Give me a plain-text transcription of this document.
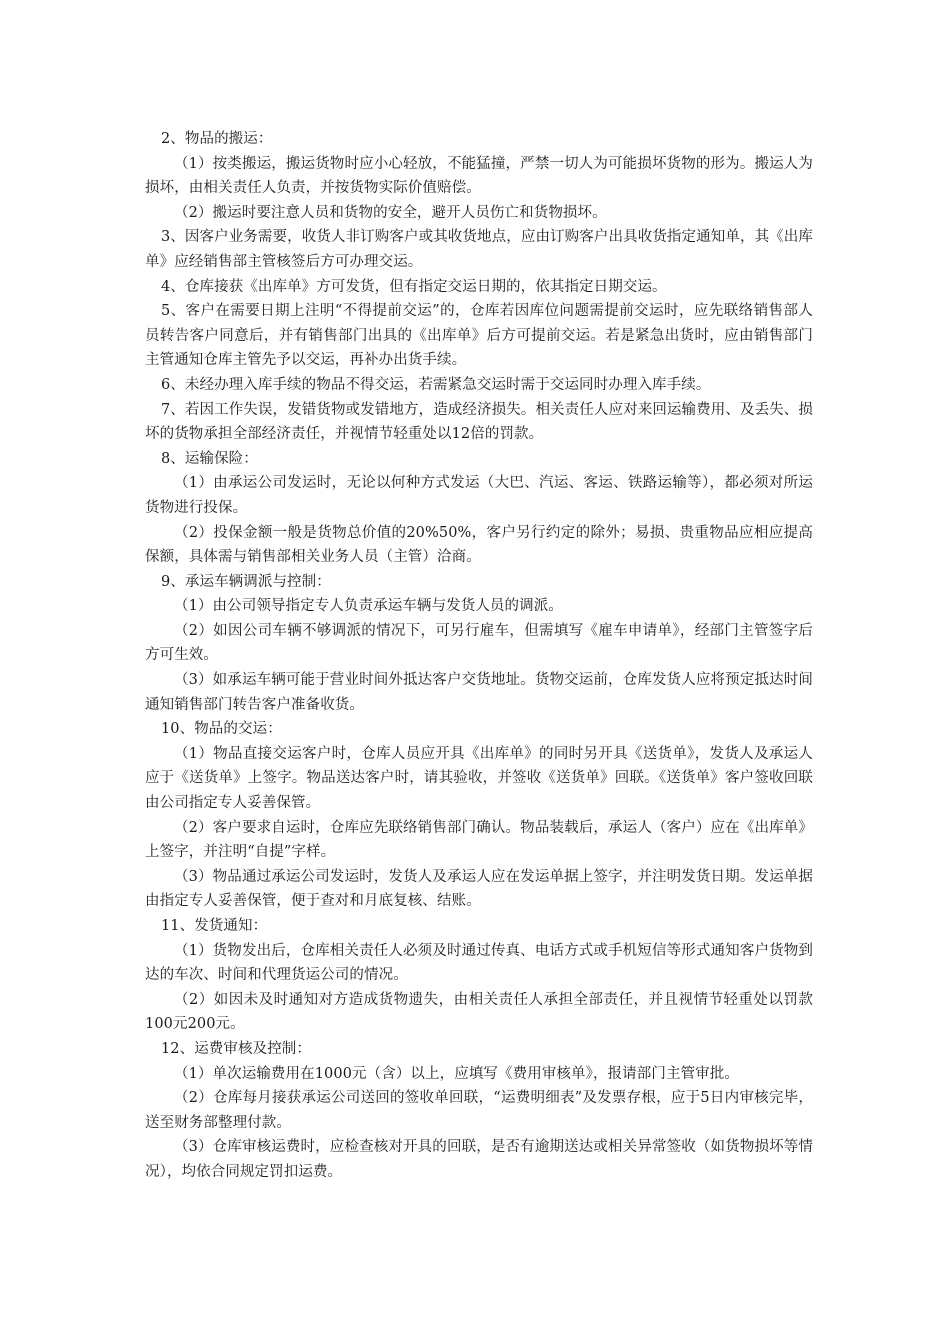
2、物品的搬运：

（1）按类搬运，搬运货物时应小心轻放，不能猛撞，严禁一切人为可能损坏货物的形为。搬运人为损坏，由相关责任人负责，并按货物实际价值赔偿。

（2）搬运时要注意人员和货物的安全，避开人员伤亡和货物损坏。

3、因客户业务需要，收货人非订购客户或其收货地点，应由订购客户出具收货指定通知单，其《出库单》应经销售部主管核签后方可办理交运。

4、仓库接获《出库单》方可发货，但有指定交运日期的，依其指定日期交运。

5、客户在需要日期上注明“不得提前交运”的，仓库若因库位问题需提前交运时，应先联络销售部人员转告客户同意后，并有销售部门出具的《出库单》后方可提前交运。若是紧急出货时，应由销售部门主管通知仓库主管先予以交运，再补办出货手续。

6、未经办理入库手续的物品不得交运，若需紧急交运时需于交运同时办理入库手续。

7、若因工作失误，发错货物或发错地方，造成经济损失。相关责任人应对来回运输费用、及丢失、损坏的货物承担全部经济责任，并视情节轻重处以12倍的罚款。

8、运输保险：

（1）由承运公司发运时，无论以何种方式发运（大巴、汽运、客运、铁路运输等），都必须对所运货物进行投保。

（2）投保金额一般是货物总价值的20%50%，客户另行约定的除外；易损、贵重物品应相应提高保额，具体需与销售部相关业务人员（主管）洽商。

9、承运车辆调派与控制：

（1）由公司领导指定专人负责承运车辆与发货人员的调派。

（2）如因公司车辆不够调派的情况下，可另行雇车，但需填写《雇车申请单》，经部门主管签字后方可生效。

（3）如承运车辆可能于营业时间外抵达客户交货地址。货物交运前，仓库发货人应将预定抵达时间通知销售部门转告客户准备收货。

10、物品的交运：

（1）物品直接交运客户时，仓库人员应开具《出库单》的同时另开具《送货单》，发货人及承运人应于《送货单》上签字。物品送达客户时，请其验收，并签收《送货单》回联。《送货单》客户签收回联由公司指定专人妥善保管。

（2）客户要求自运时，仓库应先联络销售部门确认。物品装载后，承运人（客户）应在《出库单》上签字，并注明“自提”字样。

（3）物品通过承运公司发运时，发货人及承运人应在发运单据上签字，并注明发货日期。发运单据由指定专人妥善保管，便于查对和月底复核、结账。

11、发货通知：

（1）货物发出后，仓库相关责任人必须及时通过传真、电话方式或手机短信等形式通知客户货物到达的车次、时间和代理货运公司的情况。

（2）如因未及时通知对方造成货物遗失，由相关责任人承担全部责任，并且视情节轻重处以罚款100元200元。

12、运费审核及控制：

（1）单次运输费用在1000元（含）以上，应填写《费用审核单》，报请部门主管审批。

（2）仓库每月接获承运公司送回的签收单回联，“运费明细表”及发票存根，应于5日内审核完毕，送至财务部整理付款。

（3）仓库审核运费时，应检查核对开具的回联，是否有逾期送达或相关异常签收（如货物损坏等情况），均依合同规定罚扣运费。
